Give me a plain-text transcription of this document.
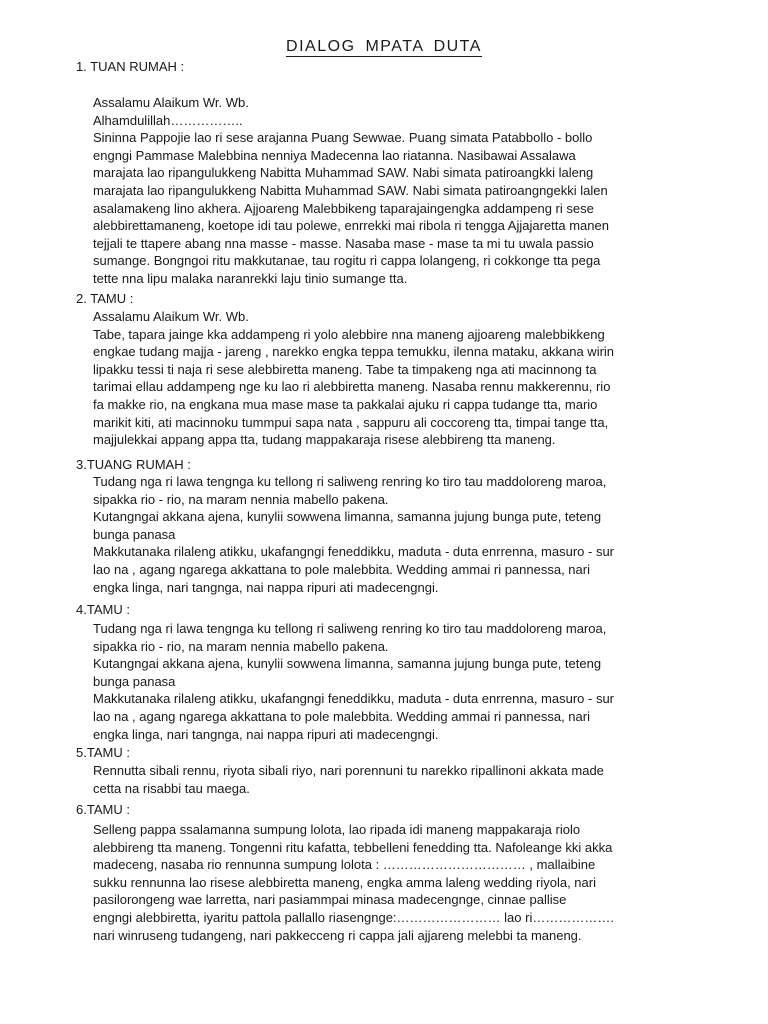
DIALOG MPATA DUTA
1. TUAN RUMAH :
Assalamu Alaikum Wr. Wb.
Alhamdulillah……………..
Sininna Pappojie lao ri sese arajanna Puang Sewwae. Puang simata Patabbollo - bollo
engngi Pammase Malebbina nenniya Madecenna lao riatanna. Nasibawai Assalawa
marajata lao ripangulukkeng Nabitta Muhammad SAW. Nabi simata patiroangkki laleng
marajata lao ripangulukkeng Nabitta Muhammad SAW. Nabi simata patiroangngekki lalen
asalamakeng lino akhera. Ajjoareng Malebbikeng taparajaingengka addampeng ri sese
alebbirettamaneng, koetope idi tau polewe, enrrekki mai ribola ri tengga Ajjajaretta manen
tejjali te ttapere abang nna masse - masse. Nasaba mase - mase ta mi tu uwala passio
sumange. Bongngoi ritu makkutanae, tau rogitu ri cappa lolangeng, ri cokkonge tta pega
tette nna lipu malaka naranrekki laju tinio sumange tta.
2. TAMU :
Assalamu Alaikum Wr. Wb.
Tabe, tapara jainge kka addampeng ri yolo alebbire nna maneng ajjoareng malebbikkeng
engkae tudang majja - jareng , narekko engka teppa temukku, ilenna mataku, akkana wirin
lipakku tessi ti naja ri sese alebbiretta maneng. Tabe ta timpakeng nga ati macinnong ta
tarimai ellau addampeng nge ku lao ri alebbiretta maneng. Nasaba rennu makkerennu, rio
fa makke rio, na engkana mua mase mase ta pakkalai ajuku ri cappa tudange tta, mario
marikit kiti, ati macinnoku tummpui sapa nata , sappuru ali coccoreng tta, timpai tange tta,
majjulekkai appang appa tta, tudang mappakaraja risese alebbireng tta maneng.
3.TUANG RUMAH :
Tudang nga ri lawa tengnga ku tellong ri saliweng renring ko tiro tau maddoloreng maroa,
sipakka rio - rio, na maram nennia mabello pakena.
Kutangngai akkana ajena, kunylii sowwena limanna, samanna jujung bunga pute, teteng
bunga panasa
Makkutanaka rilaleng atikku, ukafangngi feneddikku, maduta - duta enrrenna, masuro - sur
lao na , agang ngarega akkattana to pole malebbita. Wedding ammai ri pannessa, nari
engka linga, nari tangnga, nai nappa ripuri ati madecengngi.
4.TAMU :
Tudang nga ri lawa tengnga ku tellong ri saliweng renring ko tiro tau maddoloreng maroa,
sipakka rio - rio, na maram nennia mabello pakena.
Kutangngai akkana ajena, kunylii sowwena limanna, samanna jujung bunga pute, teteng
bunga panasa
Makkutanaka rilaleng atikku, ukafangngi feneddikku, maduta - duta enrrenna, masuro - sur
lao na , agang ngarega akkattana to pole malebbita. Wedding ammai ri pannessa, nari
engka linga, nari tangnga, nai nappa ripuri ati madecengngi.
5.TAMU :
Rennutta sibali rennu, riyota sibali riyo, nari porennuni tu narekko ripallinoni akkata made
cetta na risabbi tau maega.
6.TAMU :
Selleng pappa ssalamanna sumpung lolota, lao ripada idi maneng mappakaraja riolo
alebbireng tta maneng. Tongenni ritu kafatta, tebbelleni fenedding tta. Nafoleange kki akka
madeceng, nasaba rio rennunna sumpung lolota : …………………………… , mallaibine
sukku rennunna lao risese alebbiretta maneng, engka amma laleng wedding riyola, nari
pasilorongeng wae larretta, nari pasiammpai minasa madecengnge, cinnae pallise
engngi alebbiretta, iyaritu pattola pallallo riasengnge:…………………… lao ri……………….
nari winruseng tudangeng, nari pakkecceng ri cappa jali ajjareng melebbi ta maneng.
